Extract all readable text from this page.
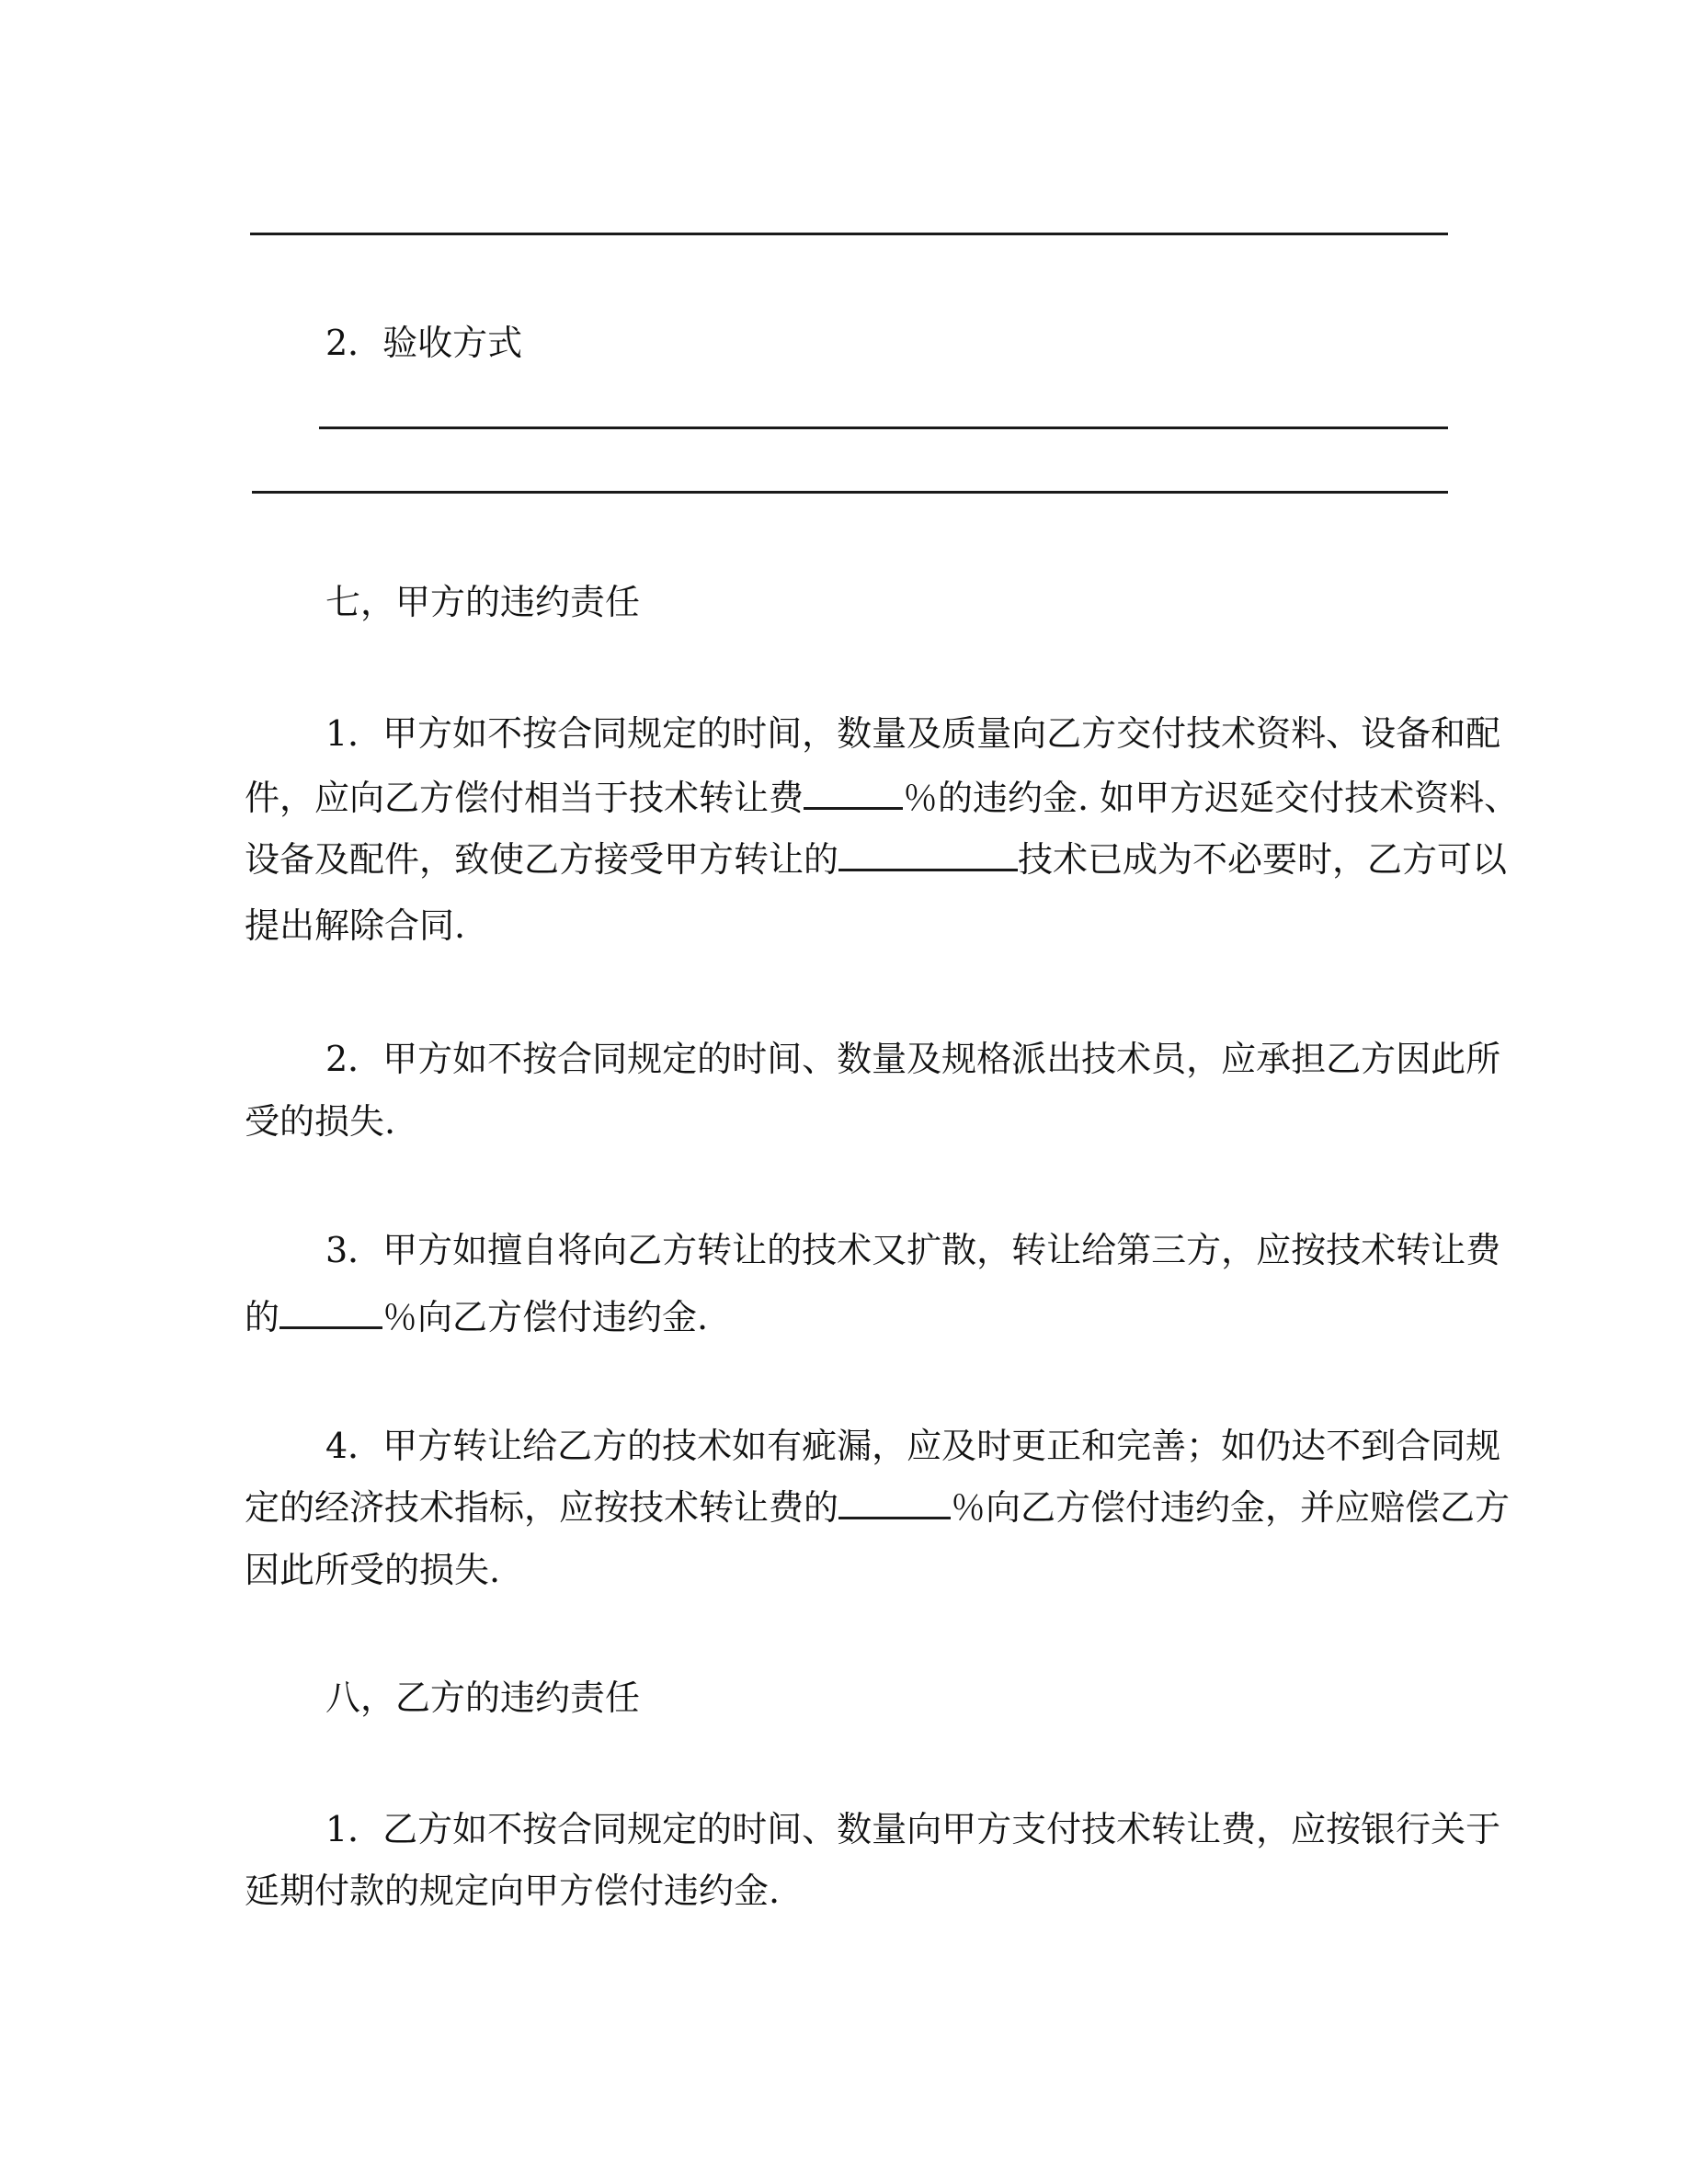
2．验收方式
七，甲方的违约责任
1．甲方如不按合同规定的时间，数量及质量向乙方交付技术资料、设备和配
件，应向乙方偿付相当于技术转让费	％的违约金. 如甲方迟延交付技术资料、
设备及配件，致使乙方接受甲方转让的	技术已成为不必要时，乙方可以
提出解除合同.
2．甲方如不按合同规定的时间、数量及规格派出技术员，应承担乙方因此所
受的损失.
3．甲方如擅自将向乙方转让的技术又扩散，转让给第三方，应按技术转让费
的	％向乙方偿付违约金.
4．甲方转让给乙方的技术如有疵漏，应及时更正和完善；如仍达不到合同规
定的经济技术指标，应按技术转让费的	％向乙方偿付违约金，并应赔偿乙方
因此所受的损失.
八，乙方的违约责任
1．乙方如不按合同规定的时间、数量向甲方支付技术转让费，应按银行关于
延期付款的规定向甲方偿付违约金.
